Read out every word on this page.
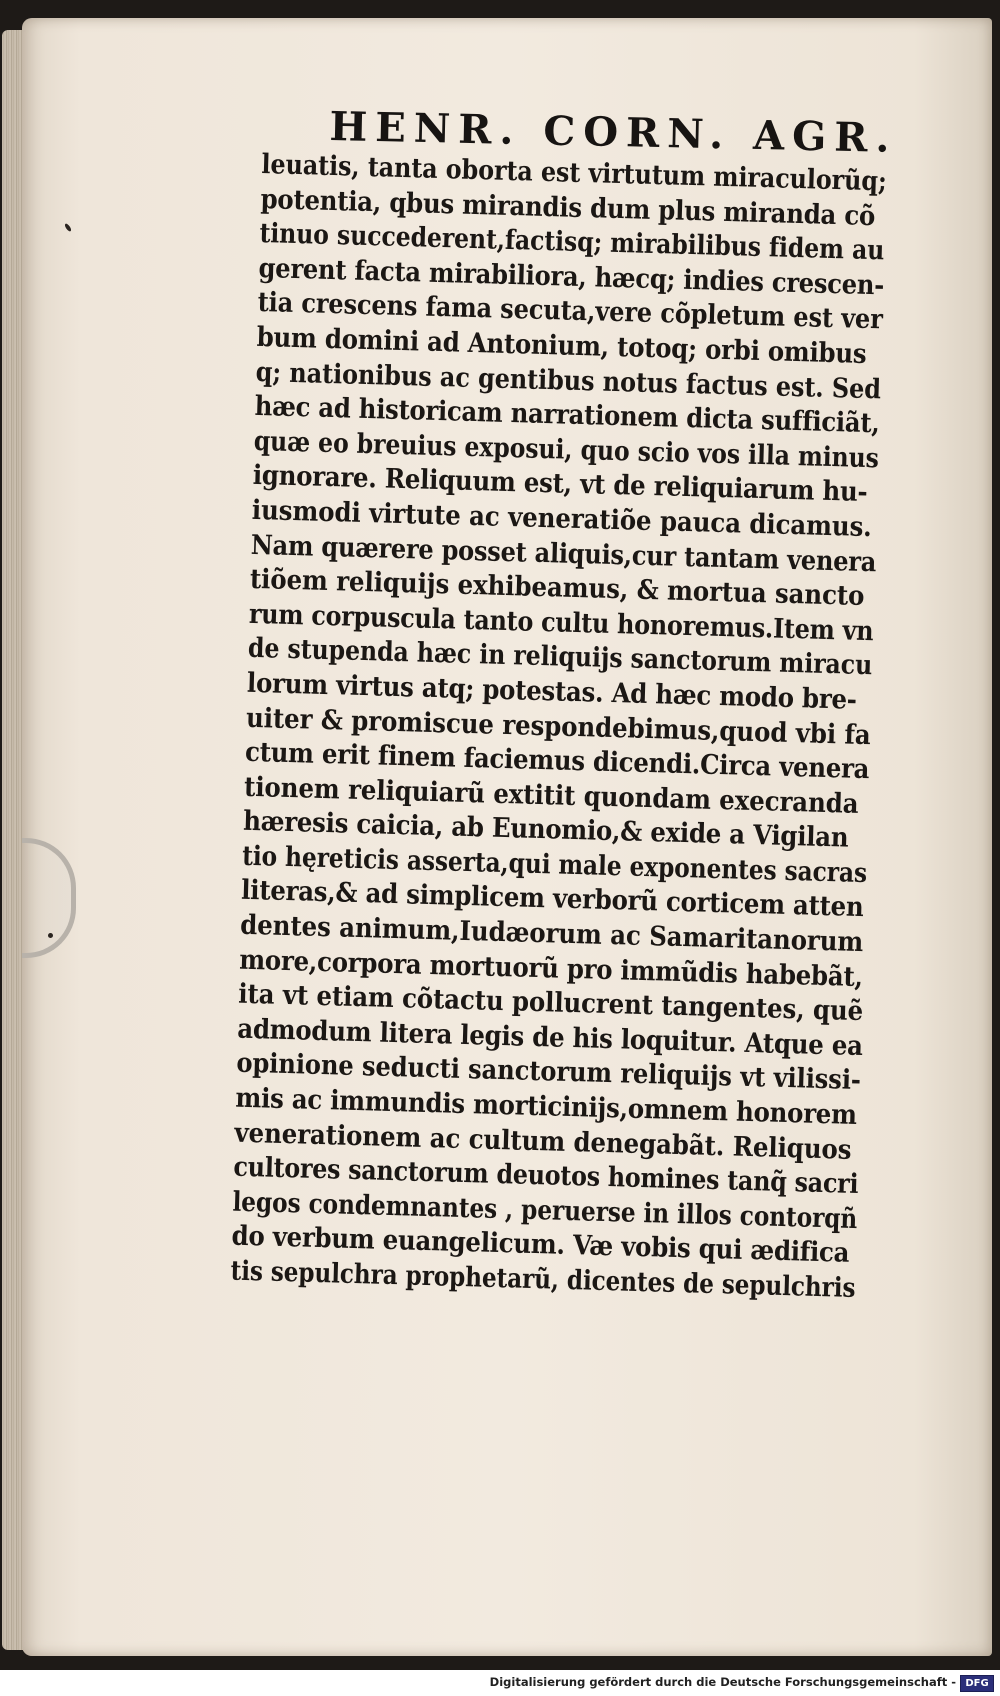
HENR. CORN. AGR.
leuatis, tanta oborta est virtutum miraculorũq;
potentia, qbus mirandis dum plus miranda cõ
tinuo succederent,factisq; mirabilibus fidem au
gerent facta mirabiliora, hæcq; indies crescen-
tia crescens fama secuta,vere cõpletum est ver
bum domini ad Antonium, totoq; orbi omibus
q; nationibus ac gentibus notus factus est. Sed
hæc ad historicam narrationem dicta sufficiãt,
quæ eo breuius exposui, quo scio vos illa minus
ignorare. Reliquum est, vt de reliquiarum hu-
iusmodi virtute ac veneratiõe pauca dicamus.
Nam quærere posset aliquis,cur tantam venera
tiõem reliquijs exhibeamus, & mortua sancto
rum corpuscula tanto cultu honoremus.Item vn
de stupenda hæc in reliquijs sanctorum miracu
lorum virtus atq; potestas. Ad hæc modo bre-
uiter & promiscue respondebimus,quod vbi fa
ctum erit finem faciemus dicendi.Circa venera
tionem reliquiarũ extitit quondam execranda
hæresis caicia, ab Eunomio,& exide a Vigilan
tio hęreticis asserta,qui male exponentes sacras
literas,& ad simplicem verborũ corticem atten
dentes animum,Iudæorum ac Samaritanorum
more,corpora mortuorũ pro immũdis habebãt,
ita vt etiam cõtactu pollucrent tangentes, quẽ
admodum litera legis de his loquitur. Atque ea
opinione seducti sanctorum reliquijs vt vilissi-
mis ac immundis morticinijs,omnem honorem
venerationem ac cultum denegabãt. Reliquos
cultores sanctorum deuotos homines tanq̃ sacri
legos condemnantes , peruerse in illos contorqñ
do verbum euangelicum. Væ vobis qui ædifica
tis sepulchra prophetarũ, dicentes de sepulchris
Digitalisierung gefördert durch die Deutsche Forschungsgemeinschaft - DFG
